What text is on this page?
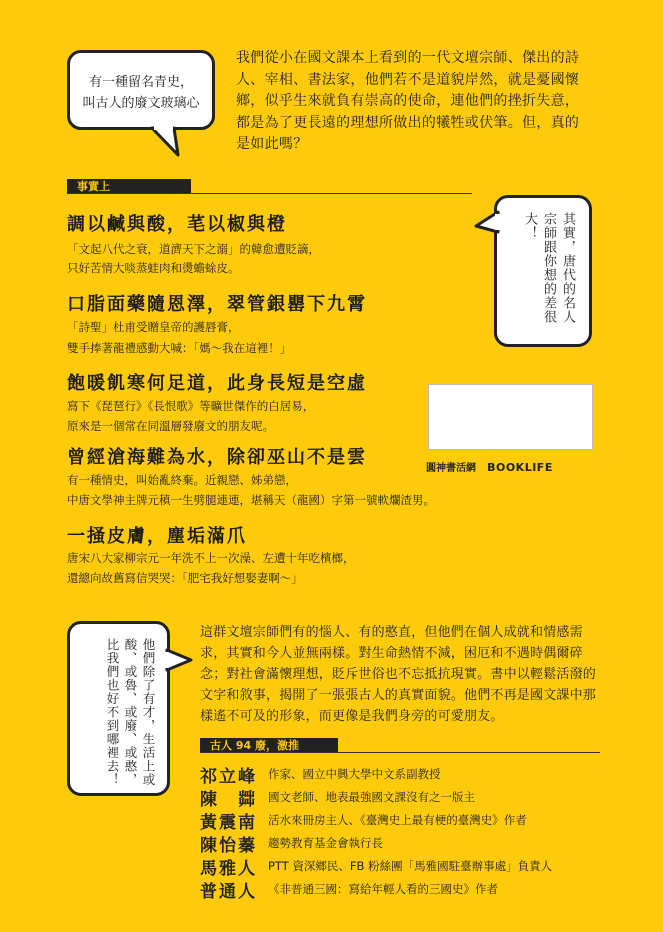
有一種留名青史，
叫古人的廢文玻璃心
我們從小在國文課本上看到的一代文壇宗師、傑出的詩人、宰相、書法家，他們若不是道貌岸然，就是憂國懷鄉，似乎生來就負有崇高的使命，連他們的挫折失意，都是為了更長遠的理想所做出的犧牲或伏筆。但，真的是如此嗎？
事實上
其實，唐代的名人宗師跟你想的差很大！
調以鹹與酸，芼以椒與橙
「文起八代之衰，道濟天下之溺」的韓愈遭貶謫，
只好苦情大啖蒸蛙肉和燙蟾蜍皮。
口脂面藥隨恩澤，翠管銀罌下九霄
「詩聖」杜甫受贈皇帝的護唇膏，
雙手捧著龍禮感動大喊：「媽～我在這裡！」
飽暖飢寒何足道，此身長短是空虛
寫下《琵琶行》《長恨歌》等曠世傑作的白居易，
原來是一個常在同溫層發廢文的朋友呢。
曾經滄海難為水，除卻巫山不是雲
有一種情史，叫始亂終棄。近親戀、姊弟戀，
中唐文學神主牌元稹一生劈腿連連，堪稱天（龍國）字第一號軟爛渣男。
一掻皮膚，塵垢滿爪
唐宋八大家柳宗元一年洗不上一次澡、左遭十年吃檳榔，
還總向故舊寫信哭哭：「肥宅我好想娶妻啊～」
圓神書活網 BOOKLIFE
他們除了有才，生活上或酸、或魯、或廢、或憨，比我們也好不到哪裡去！
這群文壇宗師們有的惱人、有的憨直，但他們在個人成就和情感需求，其實和今人並無兩樣。對生命熱情不減，困厄和不遇時偶爾碎念；對社會滿懷理想，貶斥世俗也不忘抵抗現實。書中以輕鬆活潑的文字和敘事，揭開了一張張古人的真實面貌。他們不再是國文課中那樣遙不可及的形象，而更像是我們身旁的可愛朋友。
古人 94 廢，激推
祁立峰 作家、國立中興大學中文系副教授
陳　茻 國文老師、地表最強國文課沒有之一版主
黃震南 活水來冊房主人、《臺灣史上最有梗的臺灣史》作者
陳怡蓁 趨勢教育基金會執行長
馬雅人 PTT 資深鄉民、FB 粉絲團「馬雅國駐臺辦事處」負責人
普通人 《非普通三國：寫給年輕人看的三國史》作者
